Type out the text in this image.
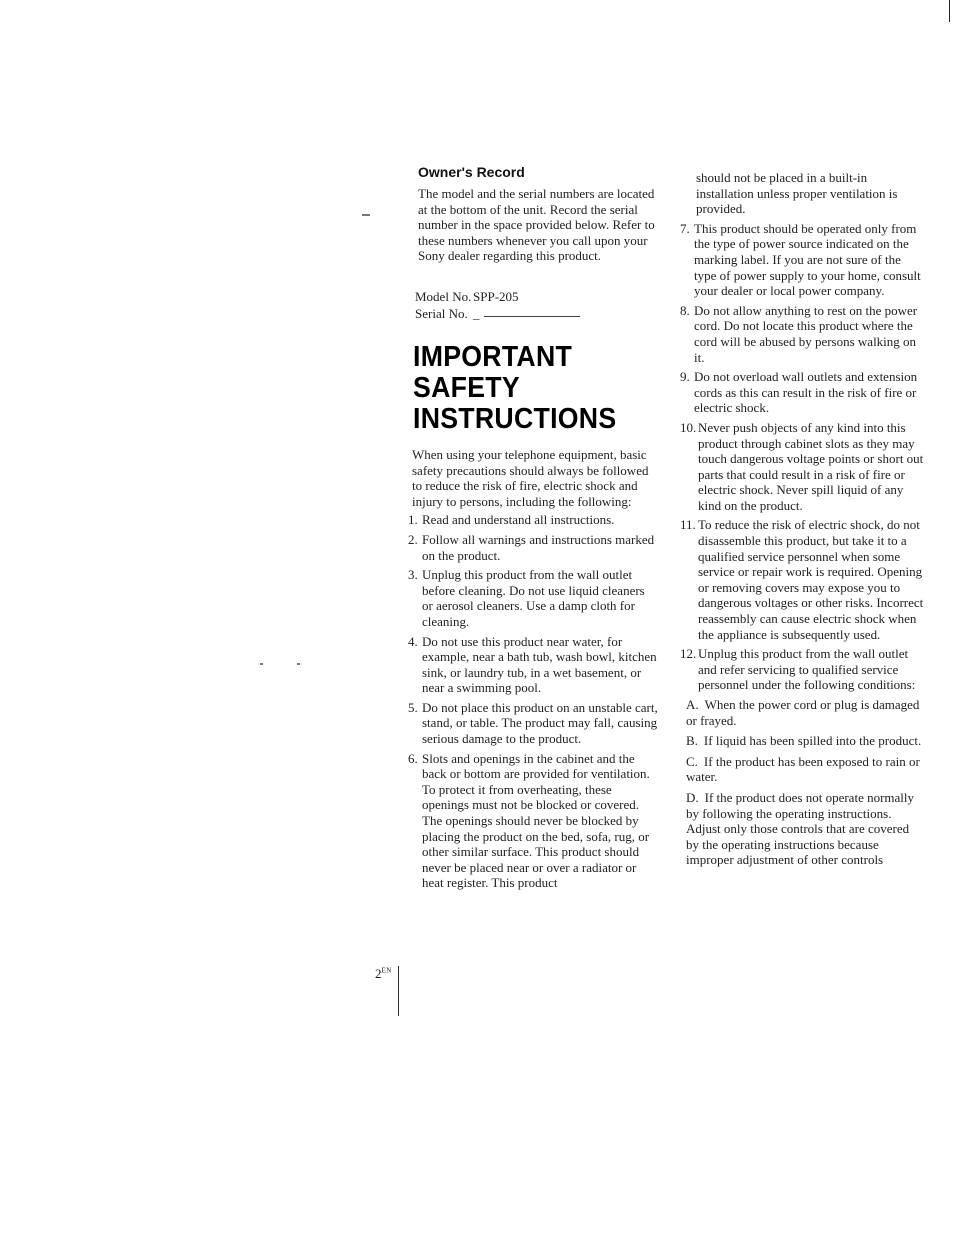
Owner's Record

The model and the serial numbers are located at the bottom of the unit. Record the serial number in the space provided below. Refer to these numbers whenever you call upon your Sony dealer regarding this product.

Model No. SPP-205
Serial No. _
IMPORTANT
SAFETY
INSTRUCTIONS

When using your telephone equipment, basic safety precautions should always be followed to reduce the risk of fire, electric shock and injury to persons, including the following:

1. Read and understand all instructions.
2. Follow all warnings and instructions marked on the product.
3. Unplug this product from the wall outlet before cleaning. Do not use liquid cleaners or aerosol cleaners. Use a damp cloth for cleaning.
4. Do not use this product near water, for example, near a bath tub, wash bowl, kitchen sink, or laundry tub, in a wet basement, or near a swimming pool.
5. Do not place this product on an unstable cart, stand, or table. The product may fall, causing serious damage to the product.
6. Slots and openings in the cabinet and the back or bottom are provided for ventilation. To protect it from overheating, these openings must not be blocked or covered. The openings should never be blocked by placing the product on the bed, sofa, rug, or other similar surface. This product should never be placed near or over a radiator or heat register. This product

should not be placed in a built-in installation unless proper ventilation is provided.

7. This product should be operated only from the type of power source indicated on the marking label. If you are not sure of the type of power supply to your home, consult your dealer or local power company.
8. Do not allow anything to rest on the power cord. Do not locate this product where the cord will be abused by persons walking on it.
9. Do not overload wall outlets and extension cords as this can result in the risk of fire or electric shock.
10. Never push objects of any kind into this product through cabinet slots as they may touch dangerous voltage points or short out parts that could result in a risk of fire or electric shock. Never spill liquid of any kind on the product.
11. To reduce the risk of electric shock, do not disassemble this product, but take it to a qualified service personnel when some service or repair work is required. Opening or removing covers may expose you to dangerous voltages or other risks. Incorrect reassembly can cause electric shock when the appliance is subsequently used.
12. Unplug this product from the wall outlet and refer servicing to qualified service personnel under the following conditions:
A. When the power cord or plug is damaged or frayed.
B. If liquid has been spilled into the product.
C. If the product has been exposed to rain or water.
D. If the product does not operate normally by following the operating instructions. Adjust only those controls that are covered by the operating instructions because improper adjustment of other controls
$2^{EN}$
